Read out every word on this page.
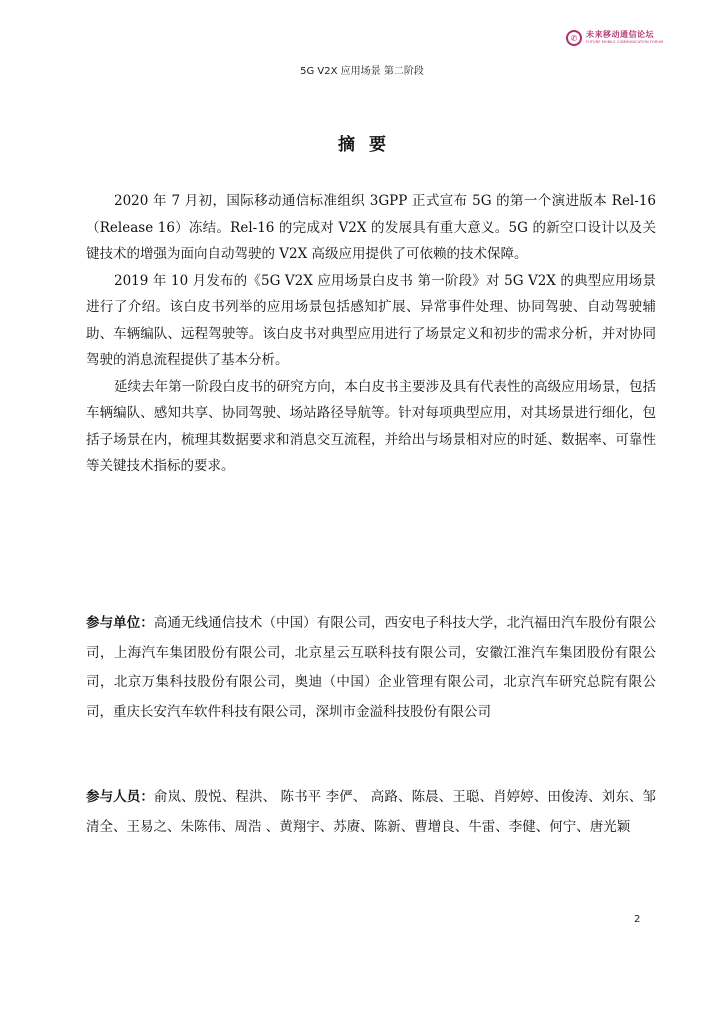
✆	未来移动通信论坛
FUTURE MOBILE COMMUNICATION FORUM
5G V2X 应用场景 第二阶段
摘要

2020 年 7 月初，国际移动通信标准组织 3GPP 正式宣布 5G 的第一个演进版本 Rel-16（Release 16）冻结。Rel-16 的完成对 V2X 的发展具有重大意义。5G 的新空口设计以及关键技术的增强为面向自动驾驶的 V2X 高级应用提供了可依赖的技术保障。

2019 年 10 月发布的《5G V2X 应用场景白皮书 第一阶段》对 5G V2X 的典型应用场景进行了介绍。该白皮书列举的应用场景包括感知扩展、异常事件处理、协同驾驶、自动驾驶辅助、车辆编队、远程驾驶等。该白皮书对典型应用进行了场景定义和初步的需求分析，并对协同驾驶的消息流程提供了基本分析。

延续去年第一阶段白皮书的研究方向，本白皮书主要涉及具有代表性的高级应用场景，包括车辆编队、感知共享、协同驾驶、场站路径导航等。针对每项典型应用，对其场景进行细化，包括子场景在内，梳理其数据要求和消息交互流程，并给出与场景相对应的时延、数据率、可靠性等关键技术指标的要求。

参与单位：高通无线通信技术（中国）有限公司，西安电子科技大学，北汽福田汽车股份有限公司，上海汽车集团股份有限公司，北京星云互联科技有限公司，安徽江淮汽车集团股份有限公司，北京万集科技股份有限公司，奥迪（中国）企业管理有限公司，北京汽车研究总院有限公司，重庆长安汽车软件科技有限公司，深圳市金溢科技股份有限公司

参与人员：俞岚、殷悦、程洪、 陈书平 李俨、 高路、陈晨、王聪、肖婷婷、田俊涛、刘东、邹清全、王易之、朱陈伟、周浩 、黄翔宇、苏赓、陈新、曹增良、牛雷、李健、何宁、唐光颖

2
